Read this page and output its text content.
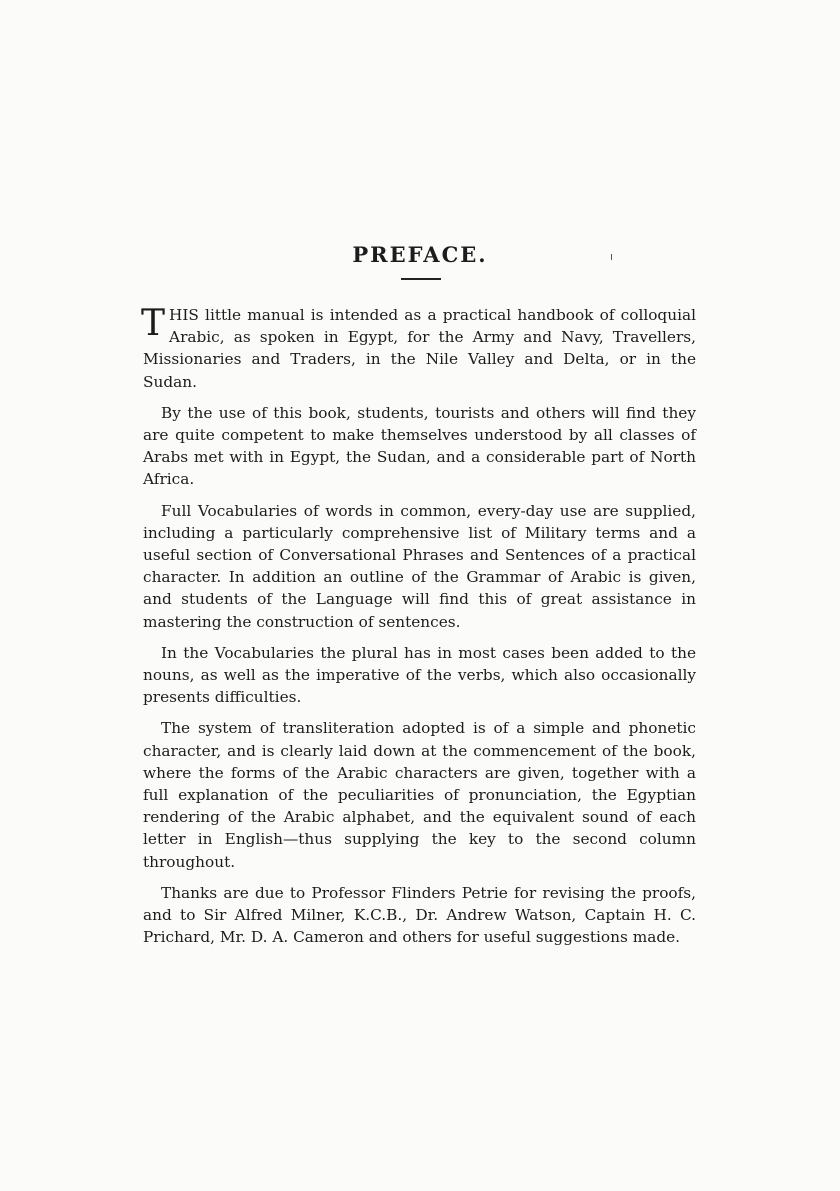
PREFACE.

THIS little manual is intended as a practical handbook of colloquial Arabic, as spoken in Egypt, for the Army and Navy, Travellers, Missionaries and Traders, in the Nile Valley and Delta, or in the Sudan.

By the use of this book, students, tourists and others will find they are quite competent to make themselves understood by all classes of Arabs met with in Egypt, the Sudan, and a considerable part of North Africa.

Full Vocabularies of words in common, every-day use are supplied, including a particularly comprehensive list of Military terms and a useful section of Conversational Phrases and Sentences of a practical character. In addition an outline of the Grammar of Arabic is given, and students of the Language will find this of great assistance in mastering the construction of sentences.

In the Vocabularies the plural has in most cases been added to the nouns, as well as the imperative of the verbs, which also occasionally presents difficulties.

The system of transliteration adopted is of a simple and phonetic character, and is clearly laid down at the commencement of the book, where the forms of the Arabic characters are given, together with a full explanation of the peculiarities of pronunciation, the Egyptian rendering of the Arabic alphabet, and the equivalent sound of each letter in English—thus supplying the key to the second column throughout.

Thanks are due to Professor Flinders Petrie for revising the proofs, and to Sir Alfred Milner, K.C.B., Dr. Andrew Watson, Captain H. C. Prichard, Mr. D. A. Cameron and others for useful suggestions made.
